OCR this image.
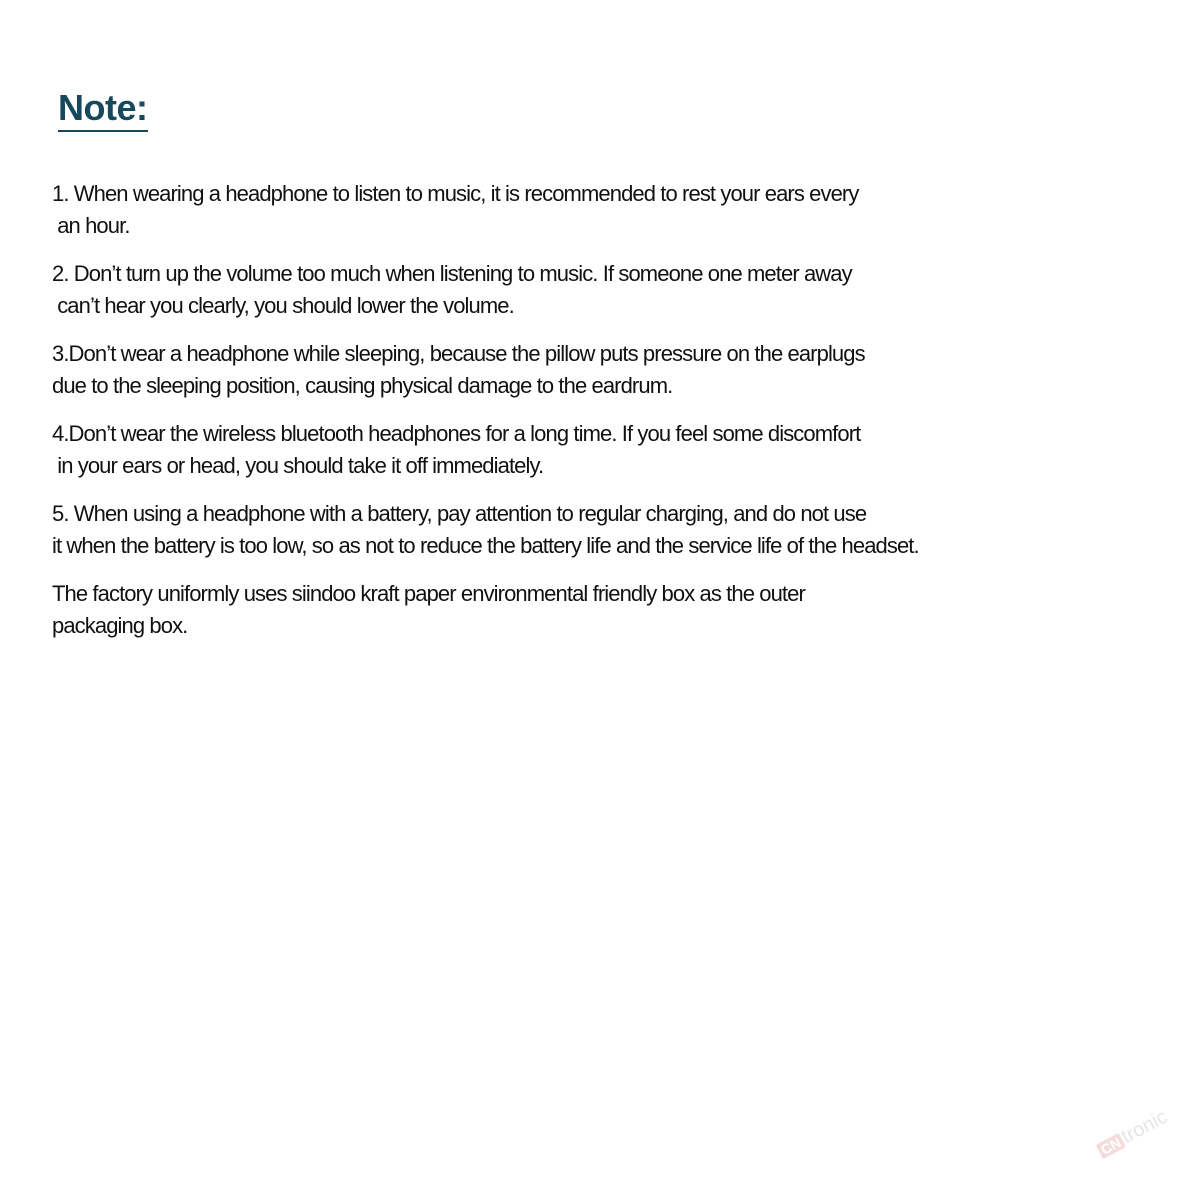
Note:

1. When wearing a headphone to listen to music, it is recommended to rest your ears every
an hour.

2. Don’t turn up the volume too much when listening to music. If someone one meter away
can’t hear you clearly, you should lower the volume.

3.Don’t wear a headphone while sleeping, because the pillow puts pressure on the earplugs
due to the sleeping position, causing physical damage to the eardrum.

4.Don’t wear the wireless bluetooth headphones for a long time. If you feel some discomfort
in your ears or head, you should take it off immediately.

5. When using a headphone with a battery, pay attention to regular charging, and do not use
it when the battery is too low, so as not to reduce the battery life and the service life of the headset.

The factory uniformly uses siindoo kraft paper environmental friendly box as the outer
packaging box.

CNtronic
